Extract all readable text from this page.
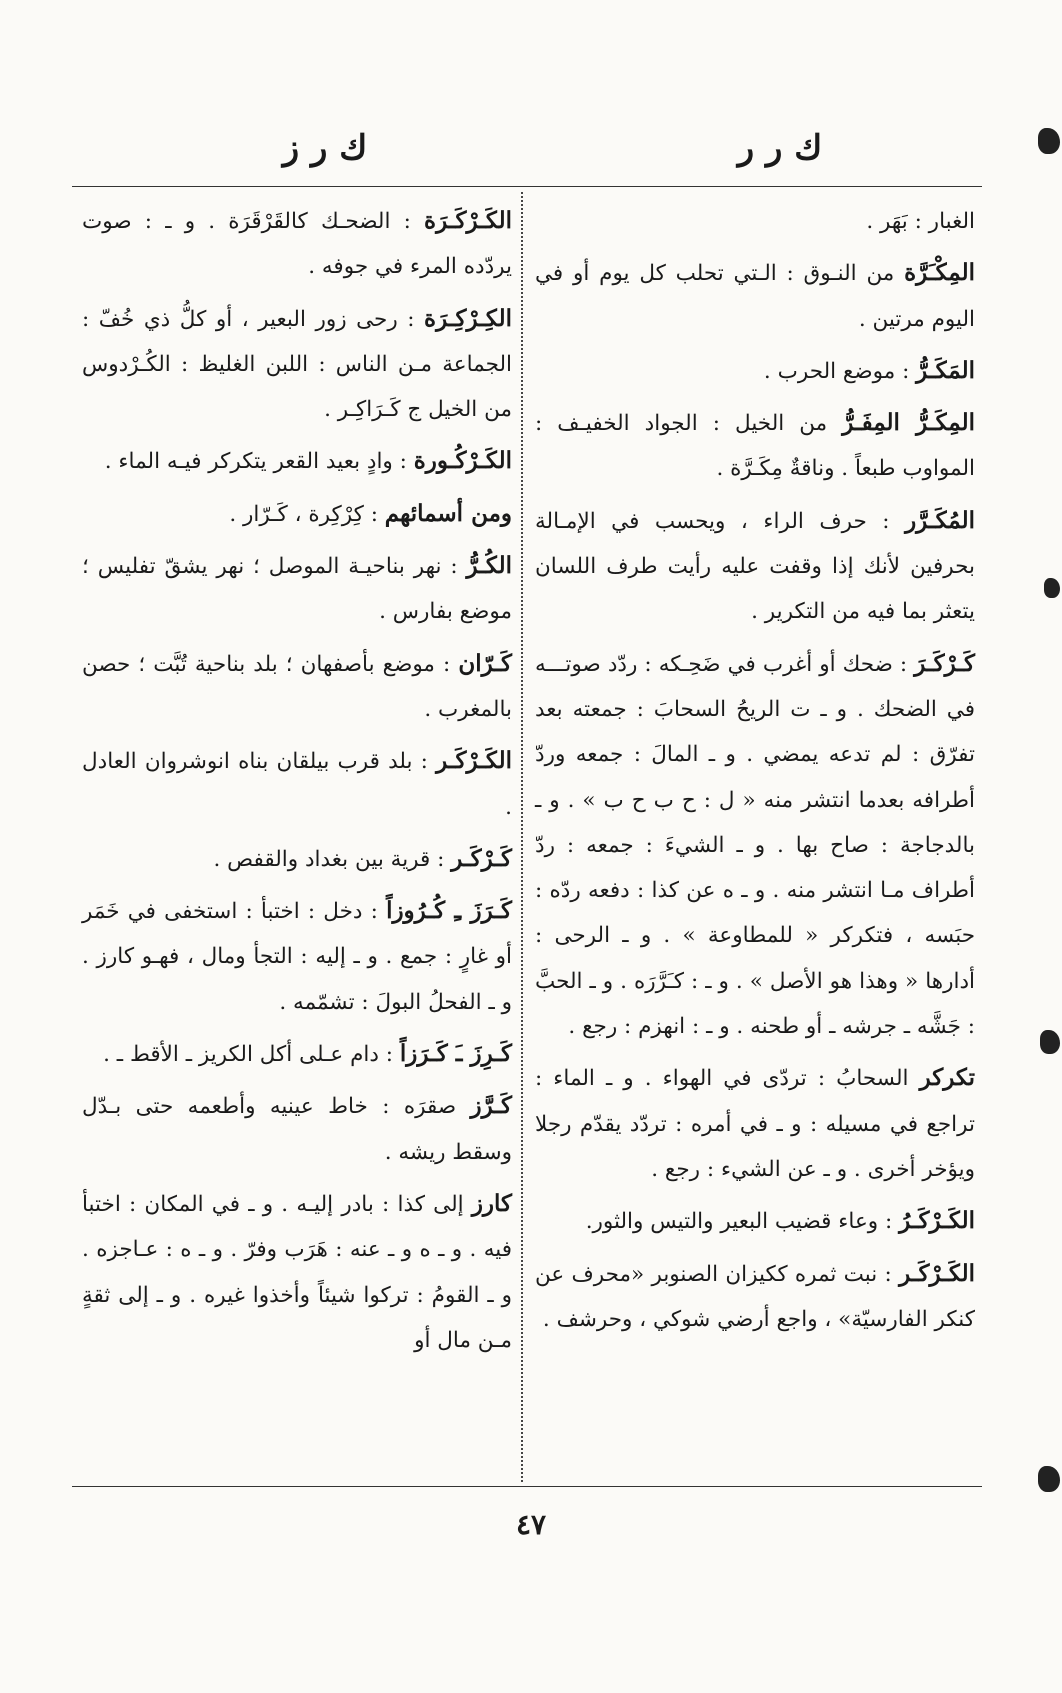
ك ر ر
ك ر ز

الغبار : بَهَر .

المِكْـَرَّة من النـوق : الـتي تحلب كل يوم أو في اليوم مرتين .

المَكَـرُّ : موضع الحرب .

المِكَـرُّ المِفَـرُّ من الخيل : الجواد الخفيـف : المواوب طبعاً . وناقةٌ مِكَـرَّة .

المُكَـرَّر : حرف الراء ، ويحسب في الإمـالة بحرفين لأنك إذا وقفت عليه رأيت طرف اللسان يتعثر بما فيه من التكرير .

كَـرْكَـرَ : ضحك أو أغرب في ضَحِـكه : ردّد صوتـــه في الضحك . و ـ ت الريحُ السحابَ : جمعته بعد تفرّق : لم تدعه يمضي . و ـ المالَ : جمعه وردّ أطرافه بعدما انتشر منه « ل : ح ب ح ب » . و ـ بالدجاجة : صاح بها . و ـ الشيءَ : جمعه : ردّ أطراف مـا انتشر منه . و ـ ه عن كذا : دفعه ردّه : حبَسه ، فتكركر « للمطاوعة » . و ـ الرحى : أدارها « وهذا هو الأصل » . و ـ : كـَرَّرَه . و ـ الحبَّ : جَشَّه ـ جرشه ـ أو طحنه . و ـ : انهزم : رجع .

تكركر السحابُ : تردّى في الهواء . و ـ الماء : تراجع في مسيله : و ـ في أمره : تردّد يقدّم رجلا ويؤخر أخرى . و ـ عن الشيء : رجع .

الكَـرْكَـرُ : وعاء قضيب البعير والتيس والثور.

الكَـرْكَـر : نبت ثمره ككيزان الصنوبر «محرف عن كنكر الفارسيّة» ، واجع أرضي شوكي ، وحرشف .

الكَـرْكَـرَة : الضحـك كالقَرْقَرَة . و ـ : صوت يردّده المرء في جوفه .

الكِـرْكِـرَة : رحى زور البعير ، أو كلُّ ذي خُفّ : الجماعة مـن الناس : اللبن الغليظ : الكُـرْدوس من الخيل ج كَـرَاكِـر .

الكَـرْكُـورة : وادٍ بعيد القعر يتكركر فيـه الماء .

ومن أسمائهم : كِرْكِرة ، كَـرّار .

الكُـرُّ : نهر بناحيـة الموصل ؛ نهر يشقّ تفليس ؛ موضع بفارس .

كَـرّان : موضع بأصفهان ؛ بلد بناحية تُبَّت ؛ حصن بالمغرب .

الكَـرْكَـر : بلد قرب بيلقان بناه انوشروان العادل .

كَـرْكَـر : قرية بين بغداد والقفص .

كَـرَزَ ـِ كُـرُوزاً : دخل : اختبأ : استخفى في خَمَر أو غارٍ : جمع . و ـ إليه : التجأ ومال ، فهـو كارز . و ـ الفحلُ البولَ : تشمّمه .

كَـرِزَ ـَ كَـرَزاً : دام عـلى أكل الكريز ـ الأقط ـ .

كَـرَّز صقرَه : خاط عينيه وأطعمه حتى بـدّل وسقط ريشه .

كارز إلى كذا : بادر إليـه . و ـ في المكان : اختبأ فيه . و ـ ه و ـ عنه : هَرَب وفرّ . و ـ ه : عـاجزه . و ـ القومُ : تركوا شيئاً وأخذوا غيره . و ـ إلى ثقةٍ مـن مال أو

٤٧
